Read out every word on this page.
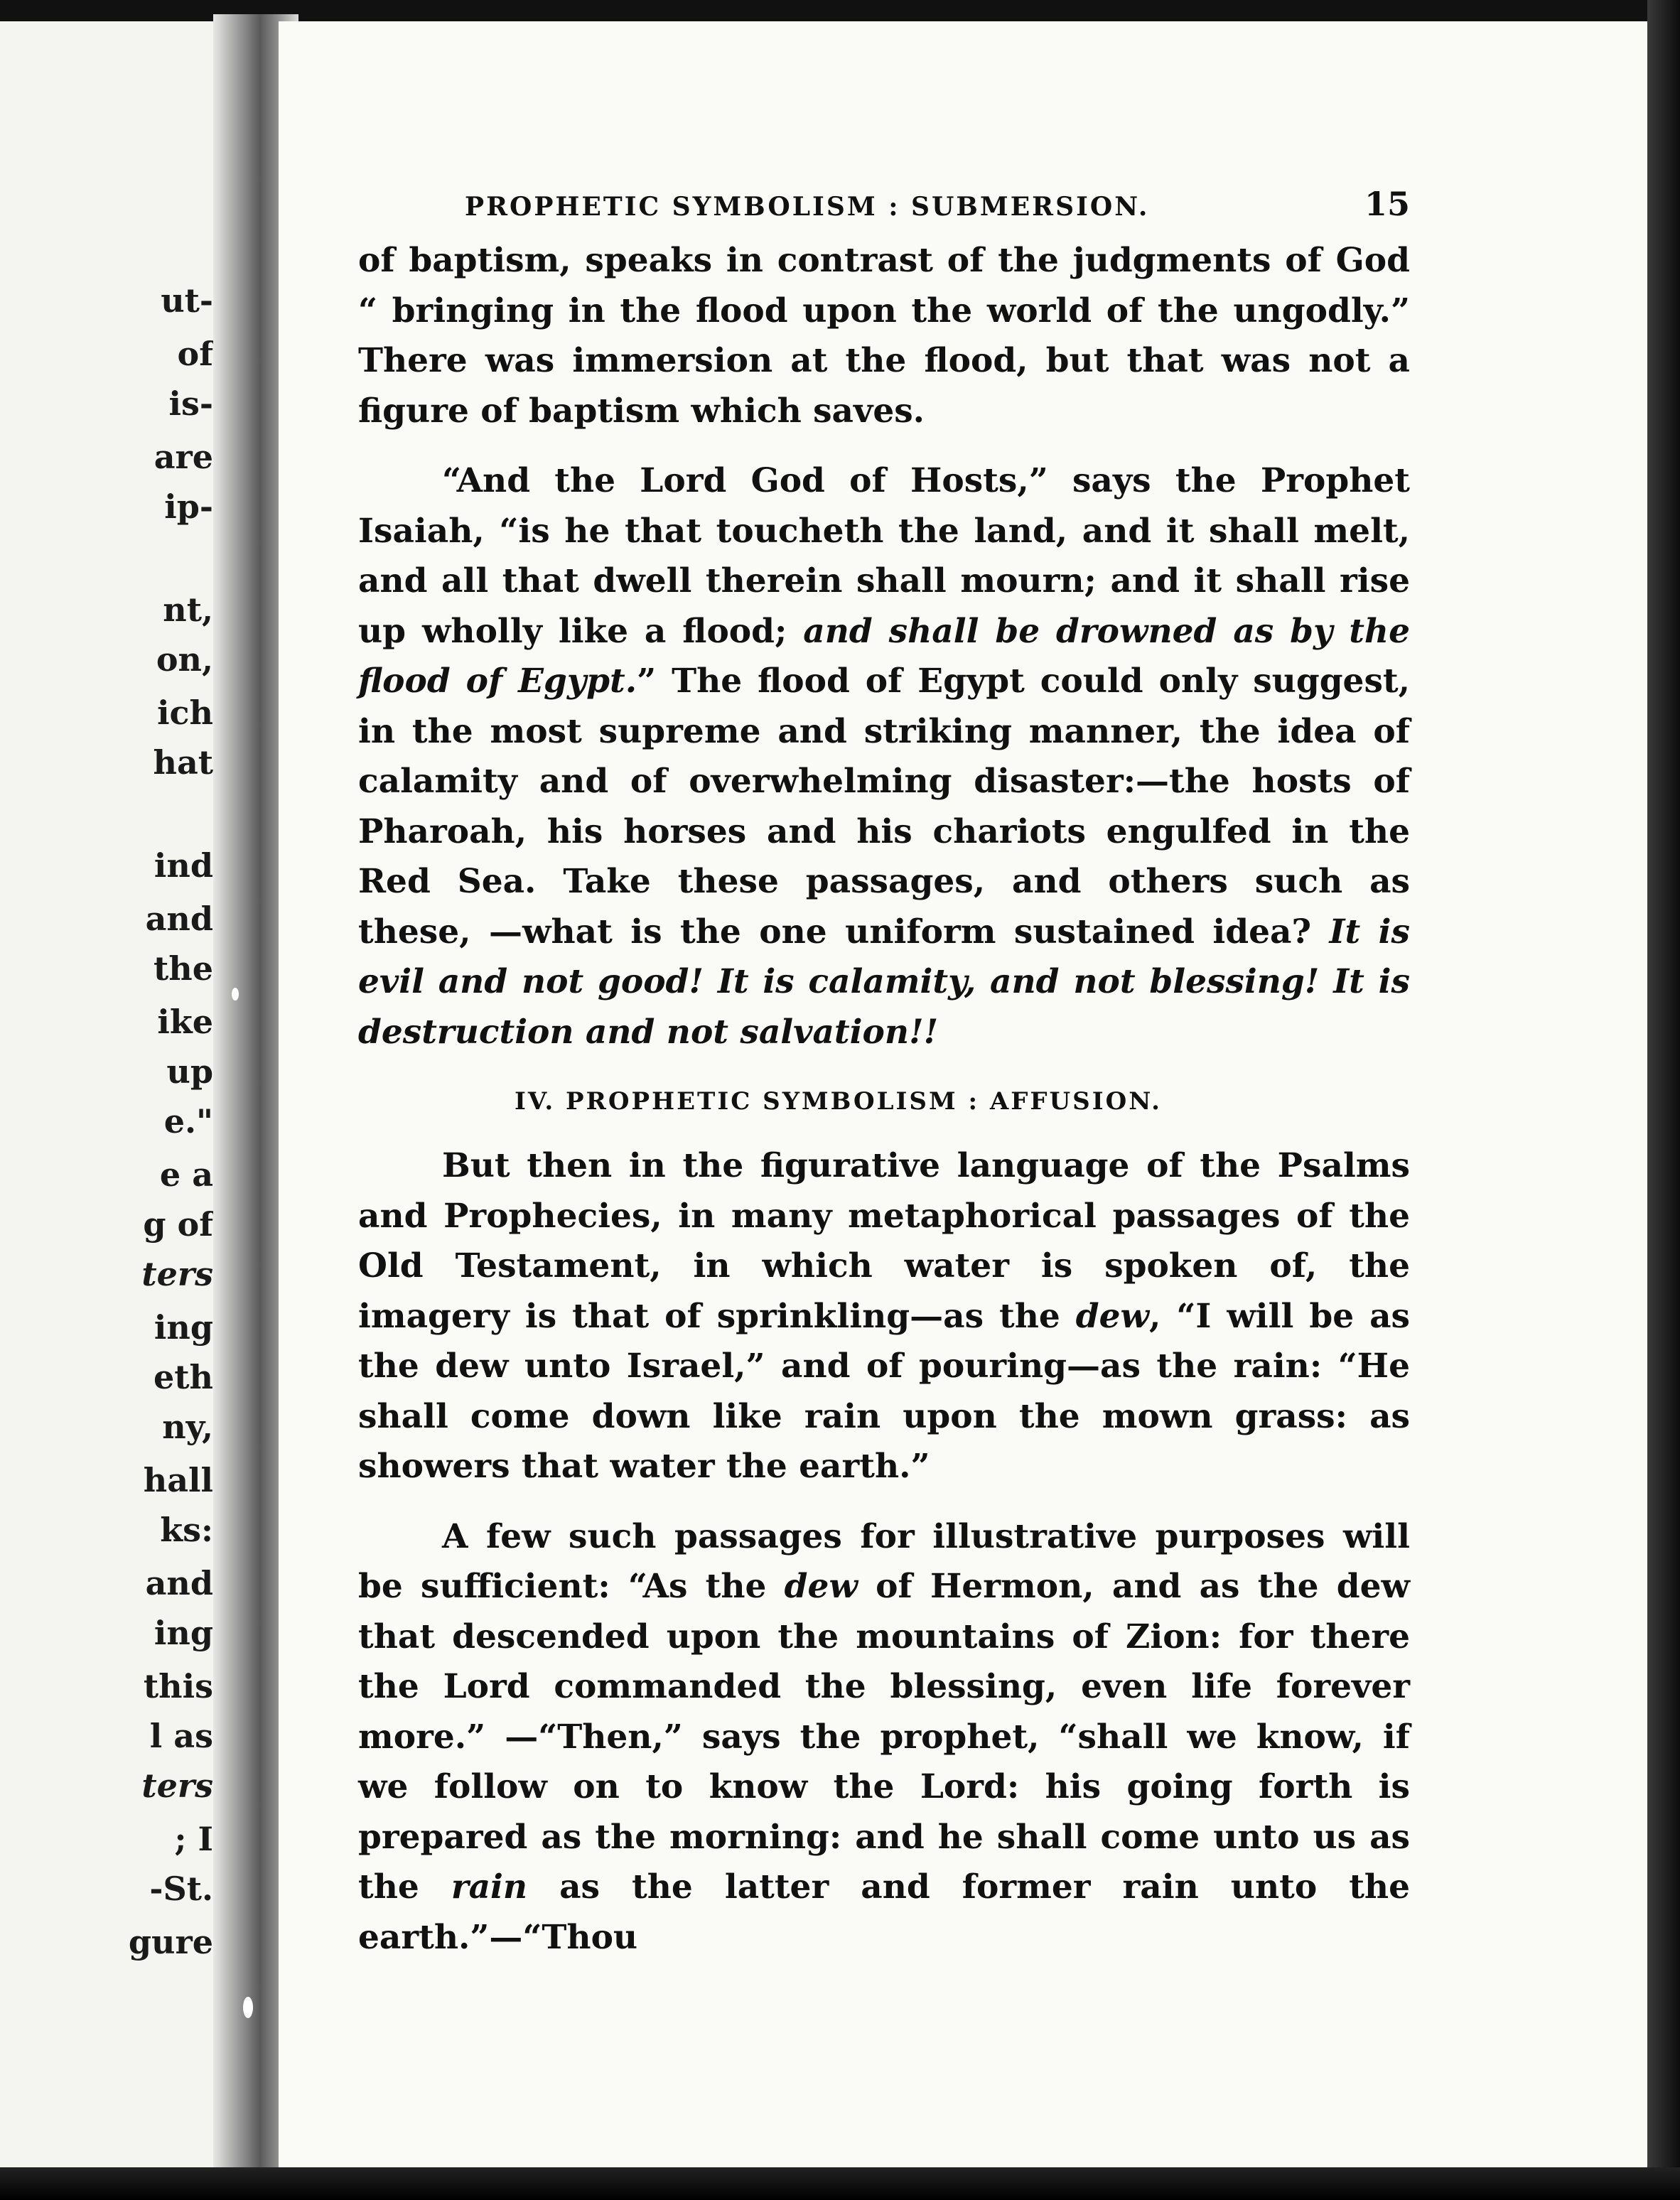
ut-
of
is-
are
ip-
nt,
on,
ich
hat
ind
and
the
ike
up
e."
e a
g of
ters
ing
eth
ny,
hall
ks:
and
ing
this
l as
ters
; I
-St.
gure
PROPHETIC SYMBOLISM : SUBMERSION.	15

of baptism, speaks in contrast of the judgments of God “ bringing in the flood upon the world of the ungodly.” There was immersion at the flood, but that was not a figure of baptism which saves.

“And the Lord God of Hosts,” says the Prophet Isaiah, “is he that toucheth the land, and it shall melt, and all that dwell therein shall mourn; and it shall rise up wholly like a flood; and shall be drowned as by the flood of Egypt.” The flood of Egypt could only suggest, in the most supreme and striking manner, the idea of calamity and of overwhelming disaster:—the hosts of Pharoah, his horses and his chariots engulfed in the Red Sea. Take these passages, and others such as these, —what is the one uniform sustained idea? It is evil and not good! It is calamity, and not blessing! It is destruction and not salvation!!

IV. PROPHETIC SYMBOLISM : AFFUSION.

But then in the figurative language of the Psalms and Prophecies, in many metaphorical passages of the Old Testament, in which water is spoken of, the imagery is that of sprinkling—as the dew, “I will be as the dew unto Israel,” and of pouring—as the rain: “He shall come down like rain upon the mown grass: as showers that water the earth.”

A few such passages for illustrative purposes will be sufficient: “As the dew of Hermon, and as the dew that descended upon the mountains of Zion: for there the Lord commanded the blessing, even life forever more.” —“Then,” says the prophet, “shall we know, if we follow on to know the Lord: his going forth is prepared as the morning: and he shall come unto us as the rain as the latter and former rain unto the earth.”—“Thou
